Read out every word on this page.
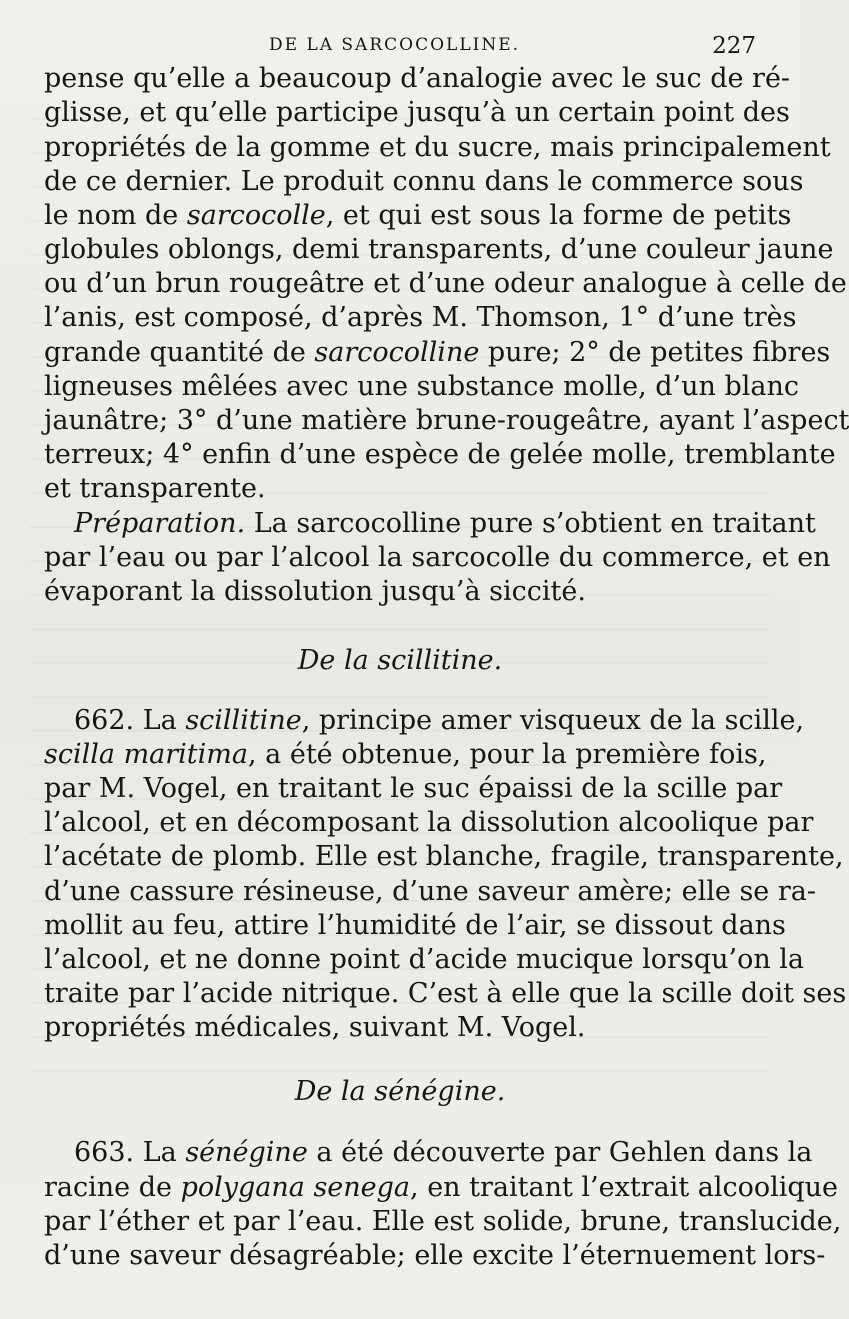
DE LA SARCOCOLLINE.	227
pense qu’elle a beaucoup d’analogie avec le suc de ré-
glisse, et qu’elle participe jusqu’à un certain point des
propriétés de la gomme et du sucre, mais principalement
de ce dernier. Le produit connu dans le commerce sous
le nom de sarcocolle, et qui est sous la forme de petits
globules oblongs, demi transparents, d’une couleur jaune
ou d’un brun rougeâtre et d’une odeur analogue à celle de
l’anis, est composé, d’après M. Thomson, 1° d’une très
grande quantité de sarcocolline pure; 2° de petites fibres
ligneuses mêlées avec une substance molle, d’un blanc
jaunâtre; 3° d’une matière brune-rougeâtre, ayant l’aspect
terreux; 4° enfin d’une espèce de gelée molle, tremblante
et transparente.
Préparation. La sarcocolline pure s’obtient en traitant
par l’eau ou par l’alcool la sarcocolle du commerce, et en
évaporant la dissolution jusqu’à siccité.
De la scillitine.
662. La scillitine, principe amer visqueux de la scille,
scilla maritima, a été obtenue, pour la première fois,
par M. Vogel, en traitant le suc épaissi de la scille par
l’alcool, et en décomposant la dissolution alcoolique par
l’acétate de plomb. Elle est blanche, fragile, transparente,
d’une cassure résineuse, d’une saveur amère; elle se ra-
mollit au feu, attire l’humidité de l’air, se dissout dans
l’alcool, et ne donne point d’acide mucique lorsqu’on la
traite par l’acide nitrique. C’est à elle que la scille doit ses
propriétés médicales, suivant M. Vogel.
De la sénégine.
663. La sénégine a été découverte par Gehlen dans la
racine de polygana senega, en traitant l’extrait alcoolique
par l’éther et par l’eau. Elle est solide, brune, translucide,
d’une saveur désagréable; elle excite l’éternuement lors-
